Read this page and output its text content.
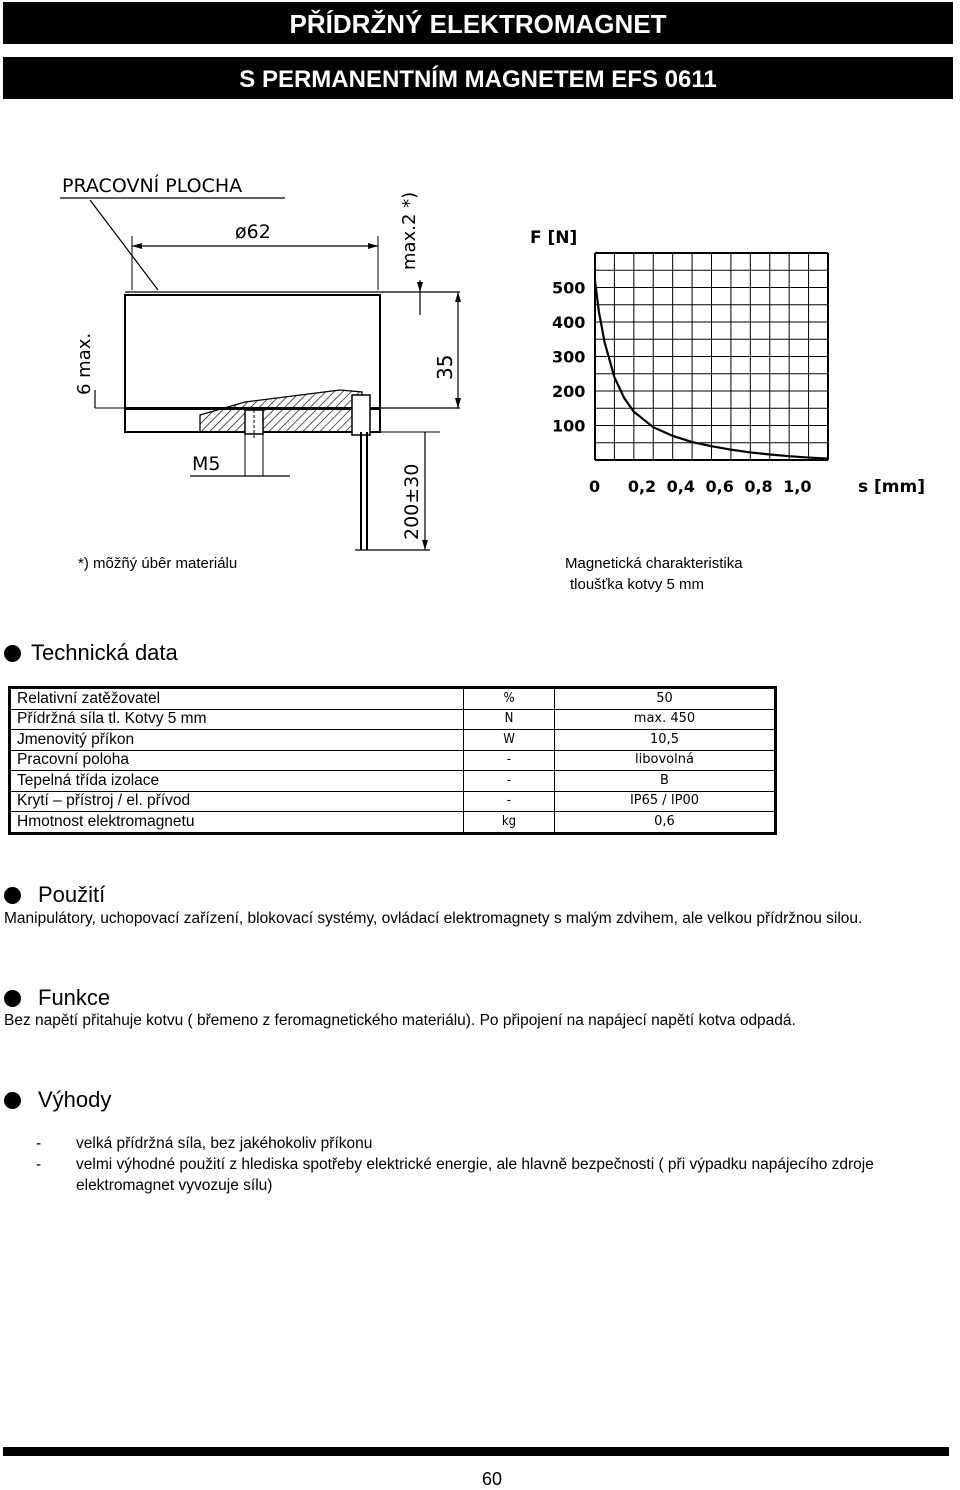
PŘÍDRŽNÝ ELEKTROMAGNET
S PERMANENTNÍM MAGNETEM EFS 0611
PRACOVNÍ PLOCHA
ø62	max.2 *)
35
6 max.
M5	200±30
100
200
300
400
500
0 0,2 0,4 0,6 0,8 1,0
F [N]
s [mm]
*) mõžñý úbêr materiálu	Magnetická charakteristika
tloušťka kotvy 5 mm
Technická data
Relativní zatěžovatel	%	50
Přídržná síla tl. Kotvy 5 mm	N	max. 450
Jmenovitý příkon	W	10,5
Pracovní poloha	-	libovolná
Tepelná třída izolace	-	B
Krytí – přístroj / el. přívod	-	IP65 / IP00
Hmotnost elektromagnetu	kg	0,6
Použití
Manipulátory, uchopovací zařízení, blokovací systémy, ovládací elektromagnety s malým zdvihem, ale velkou přídržnou silou.
Funkce
Bez napětí přitahuje kotvu ( břemeno z feromagnetického materiálu). Po připojení na napájecí napětí kotva odpadá.
Výhody
-	velká přídržná síla, bez jakéhokoliv příkonu
-	velmi výhodné použití z hlediska spotřeby elektrické energie, ale hlavně bezpečnosti ( při výpadku napájecího zdroje elektromagnet vyvozuje sílu)
60
